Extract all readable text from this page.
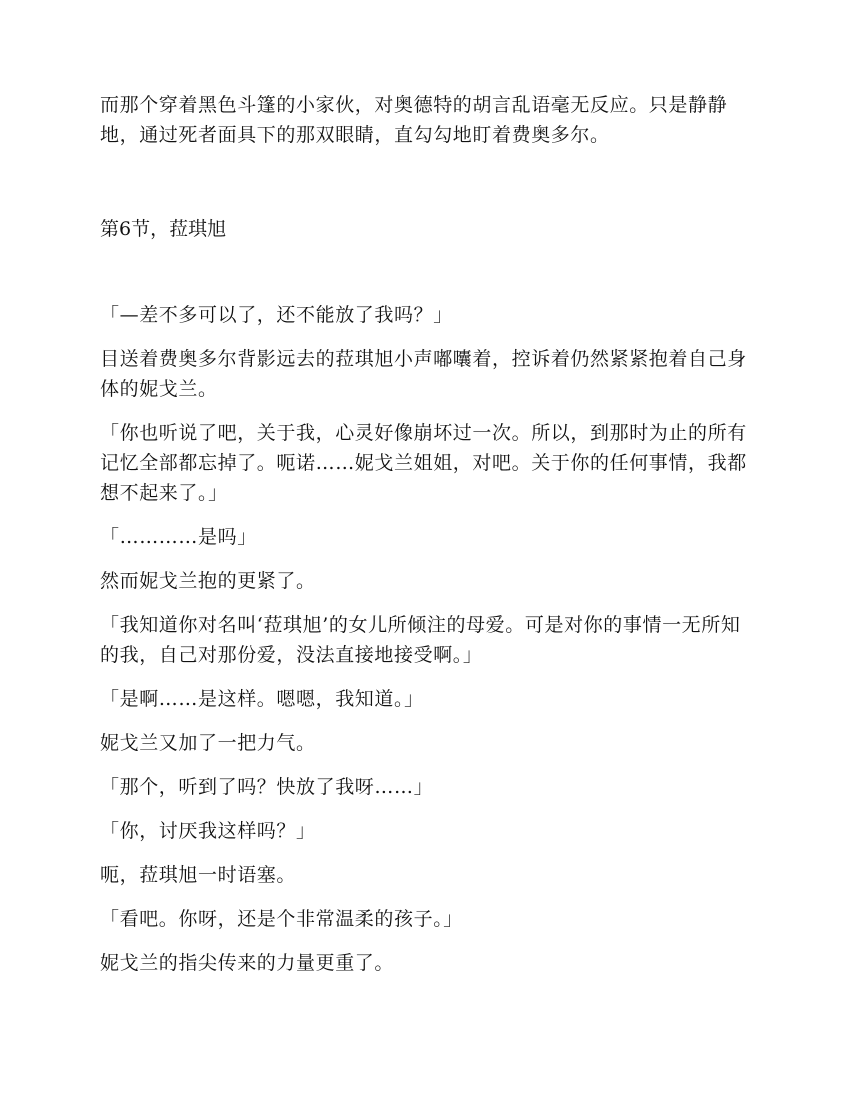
而那个穿着黑色斗篷的小家伙，对奥德特的胡言乱语毫无反应。只是静静地，通过死者面具下的那双眼睛，直勾勾地盯着费奥多尔。

第6节，菈琪旭

「—差不多可以了，还不能放了我吗？」

目送着费奥多尔背影远去的菈琪旭小声嘟囔着，控诉着仍然紧紧抱着自己身体的妮戈兰。

「你也听说了吧，关于我，心灵好像崩坏过一次。所以，到那时为止的所有记忆全部都忘掉了。呃诺……妮戈兰姐姐，对吧。关于你的任何事情，我都想不起来了。」

「…………是吗」

然而妮戈兰抱的更紧了。

「我知道你对名叫‘菈琪旭’的女儿所倾注的母爱。可是对你的事情一无所知的我，自己对那份爱，没法直接地接受啊。」

「是啊……是这样。嗯嗯，我知道。」

妮戈兰又加了一把力气。

「那个，听到了吗？快放了我呀……」

「你，讨厌我这样吗？」

呃，菈琪旭一时语塞。

「看吧。你呀，还是个非常温柔的孩子。」

妮戈兰的指尖传来的力量更重了。
